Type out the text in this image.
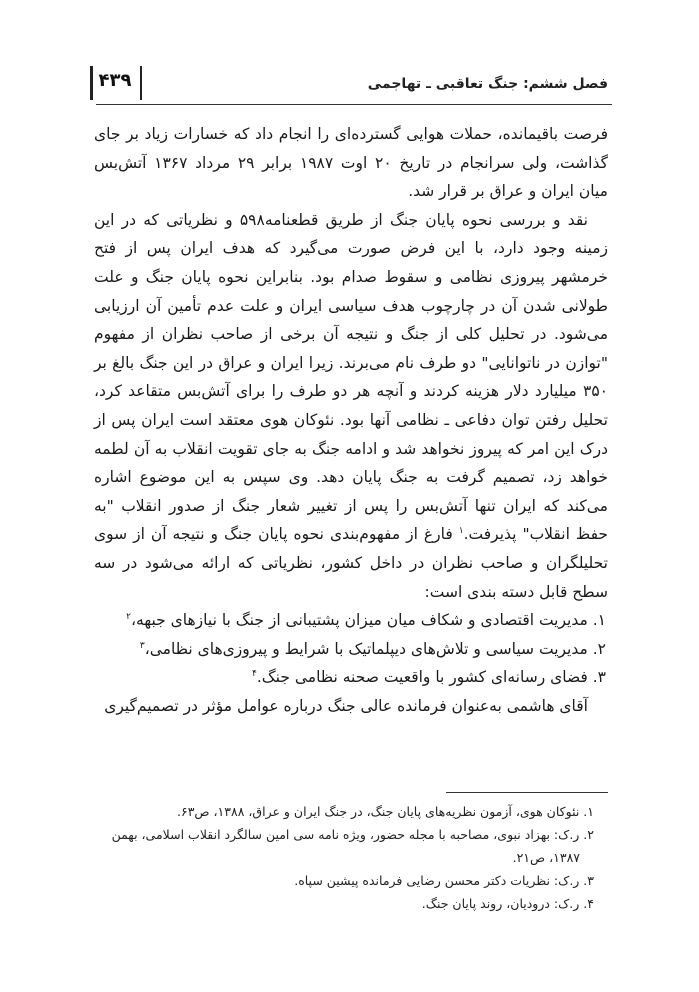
۴۳۹	فصل ششم: جنگ تعاقبی ـ تهاجمی

فرصت باقیمانده، حملات هوایی گسترده‌ای را انجام داد که خسارات زیاد بر جای گذاشت، ولی سرانجام در تاریخ ۲۰ اوت ۱۹۸۷ برابر ۲۹ مرداد ۱۳۶۷ آتش‌بس میان ایران و عراق بر قرار شد.

نقد و بررسی نحوه پایان جنگ از طریق قطعنامه۵۹۸ و نظریاتی که در این زمینه وجود دارد، با این فرض صورت می‌گیرد که هدف ایران پس از فتح خرمشهر پیروزی نظامی و سقوط صدام بود. بنابراین نحوه پایان جنگ و علت طولانی شدن آن در چارچوب هدف سیاسی ایران و علت عدم تأمین آن ارزیابی می‌شود. در تحلیل کلی از جنگ و نتیجه آن برخی از صاحب نظران از مفهوم "توازن در ناتوانایی" دو طرف نام می‌برند. زیرا ایران و عراق در این جنگ بالغ بر ۳۵۰ میلیارد دلار هزینه کردند و آنچه هر دو طرف را برای آتش‌بس متقاعد کرد، تحلیل رفتن توان دفاعی ـ نظامی آنها بود. نئوکان هوی معتقد است ایران پس از درک این امر که پیروز نخواهد شد و ادامه جنگ به جای تقویت انقلاب به آن لطمه خواهد زد، تصمیم گرفت به جنگ پایان دهد. وی سپس به این موضوع اشاره می‌کند که ایران تنها آتش‌بس را پس از تغییر شعار جنگ از صدور انقلاب "به حفظ انقلاب" پذیرفت.$^۱$ فارغ از مفهوم‌بندی نحوه پایان جنگ و نتیجه آن از سوی تحلیلگران و صاحب نظران در داخل کشور، نظریاتی که ارائه می‌شود در سه سطح قابل دسته بندی است:

۱. مدیریت اقتصادی و شکاف میان میزان پشتیبانی از جنگ با نیازهای جبهه،$^۲$

۲. مدیریت سیاسی و تلاش‌های دیپلماتیک با شرایط و پیروزی‌های نظامی،$^۳$

۳. فضای رسانه‌ای کشور با واقعیت صحنه نظامی جنگ.$^۴$

آقای هاشمی به‌عنوان فرمانده عالی جنگ درباره عوامل مؤثر در تصمیم‌گیری

۱. نئوکان هوی، آزمون نظریه‌های پایان جنگ، در جنگ ایران و عراق، ۱۳۸۸، ص۶۳.

۲. ر.ک: بهزاد نبوی، مصاحبه با مجله حضور، ویژه نامه سی امین سالگرد انقلاب اسلامی، بهمن

۱۳۸۷، ص۲۱.

۳. ر.ک: نظریات دکتر محسن رضایی فرمانده پیشین سپاه.

۴. ر.ک: درودیان، روند پایان جنگ.
